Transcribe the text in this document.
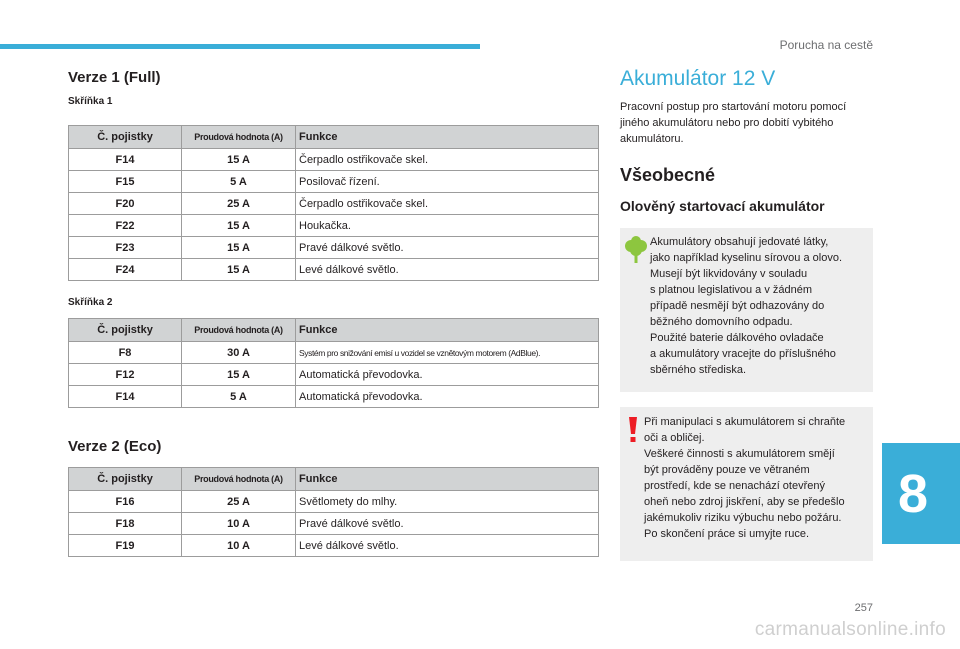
Porucha na cestě
Verze 1 (Full)
Skříňka 1
Č. pojistky	Proudová hodnota (A)	Funkce
F14	15 A	Čerpadlo ostřikovače skel.
F15	5 A	Posilovač řízení.
F20	25 A	Čerpadlo ostřikovače skel.
F22	15 A	Houkačka.
F23	15 A	Pravé dálkové světlo.
F24	15 A	Levé dálkové světlo.
Skříňka 2
Č. pojistky	Proudová hodnota (A)	Funkce
F8	30 A	Systém pro snižování emisí u vozidel se vznětovým motorem (AdBlue).
F12	15 A	Automatická převodovka.
F14	5 A	Automatická převodovka.
Verze 2 (Eco)
Č. pojistky	Proudová hodnota (A)	Funkce
F16	25 A	Světlomety do mlhy.
F18	10 A	Pravé dálkové světlo.
F19	10 A	Levé dálkové světlo.
Akumulátor 12 V
Pracovní postup pro startování motoru pomocí
jiného akumulátoru nebo pro dobití vybitého
akumulátoru.
Všeobecné
Olověný startovací akumulátor
Akumulátory obsahují jedovaté látky,
jako například kyselinu sírovou a olovo.
Musejí být likvidovány v souladu
s platnou legislativou a v žádném
případě nesmějí být odhazovány do
běžného domovního odpadu.
Použité baterie dálkového ovladače
a akumulátory vracejte do příslušného
sběrného střediska.
Při manipulaci s akumulátorem si chraňte
oči a obličej.
Veškeré činnosti s akumulátorem smějí
být prováděny pouze ve větraném
prostředí, kde se nenachází otevřený
oheň nebo zdroj jiskření, aby se předešlo
jakémukoliv riziku výbuchu nebo požáru.
Po skončení práce si umyjte ruce.
8
257
carmanualsonline.info
